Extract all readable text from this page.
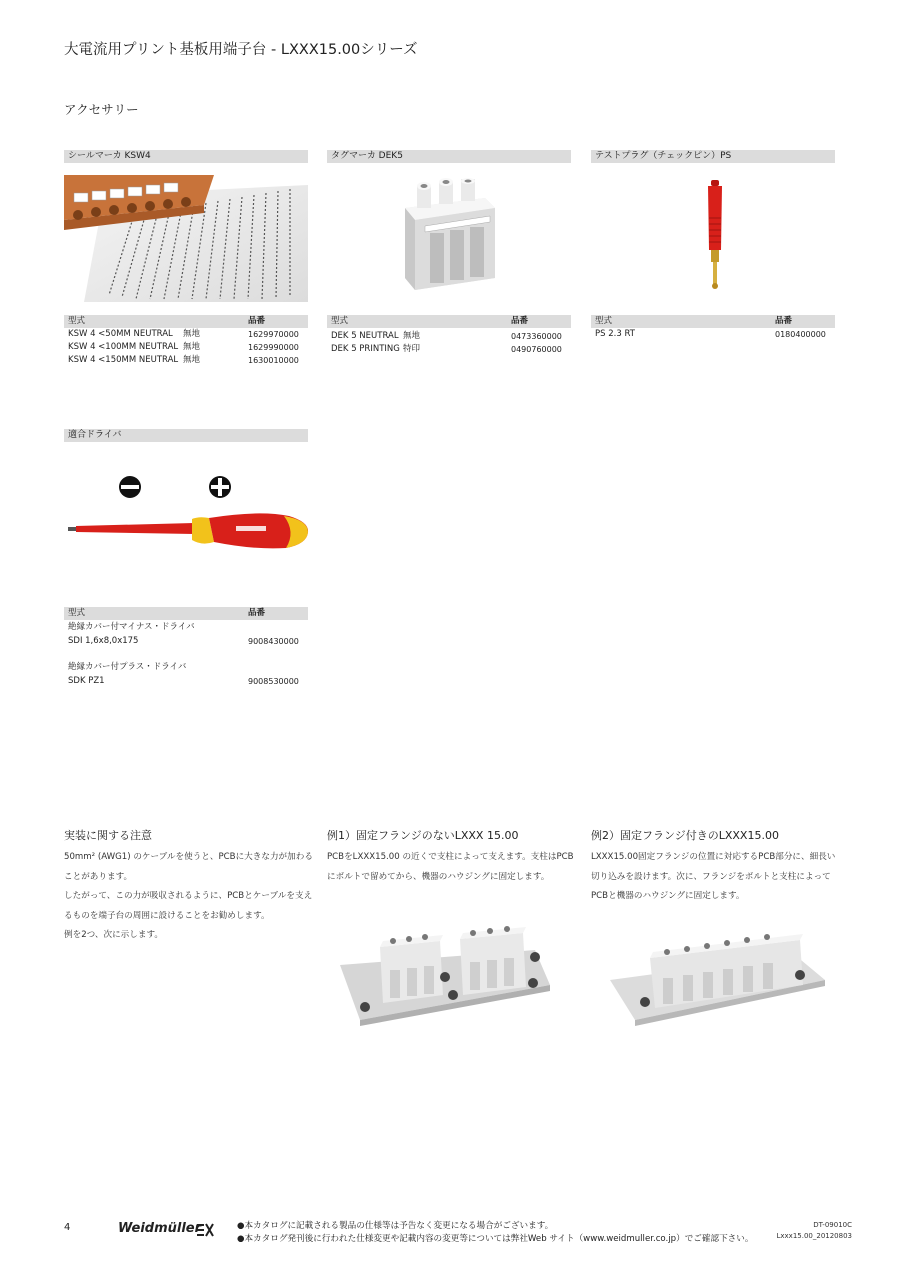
大電流用プリント基板用端子台 - LXXX15.00シリーズ
アクセサリー
シールマーカ KSW4
型式	品番
KSW 4 <50MM NEUTRAL 無地	1629970000
KSW 4 <100MM NEUTRAL 無地	1629990000
KSW 4 <150MM NEUTRAL 無地	1630010000
タグマーカ DEK5
型式	品番
DEK 5 NEUTRAL 無地	0473360000
DEK 5 PRINTING 特印	0490760000
テストプラグ（チェックピン）PS
型式	品番
PS 2.3 RT	0180400000
適合ドライバ
型式	品番
絶縁カバー付マイナス・ドライバ
SDI 1,6x8,0x175	9008430000
絶縁カバー付プラス・ドライバ
SDK PZ1	9008530000
実装に関する注意
50mm² (AWG1) のケーブルを使うと、PCBに大きな力が加わる
ことがあります。
したがって、この力が吸収されるように、PCBとケーブルを支え
るものを端子台の周囲に設けることをお勧めします。
例を2つ、次に示します。
例1）固定フランジのないLXXX 15.00
PCBをLXXX15.00 の近くで支柱によって支えます。支柱はPCB
にボルトで留めてから、機器のハウジングに固定します。
例2）固定フランジ付きのLXXX15.00
LXXX15.00固定フランジの位置に対応するPCB部分に、細長い
切り込みを設けます。次に、フランジをボルトと支柱によって
PCBと機器のハウジングに固定します。
4	Weidmüller	●本カタログに記載される製品の仕様等は予告なく変更になる場合がございます。
●本カタログ発刊後に行われた仕様変更や記載内容の変更等については弊社Web サイト（www.weidmuller.co.jp）でご確認下さい。
DT-09010C
Lxxx15.00_20120803
